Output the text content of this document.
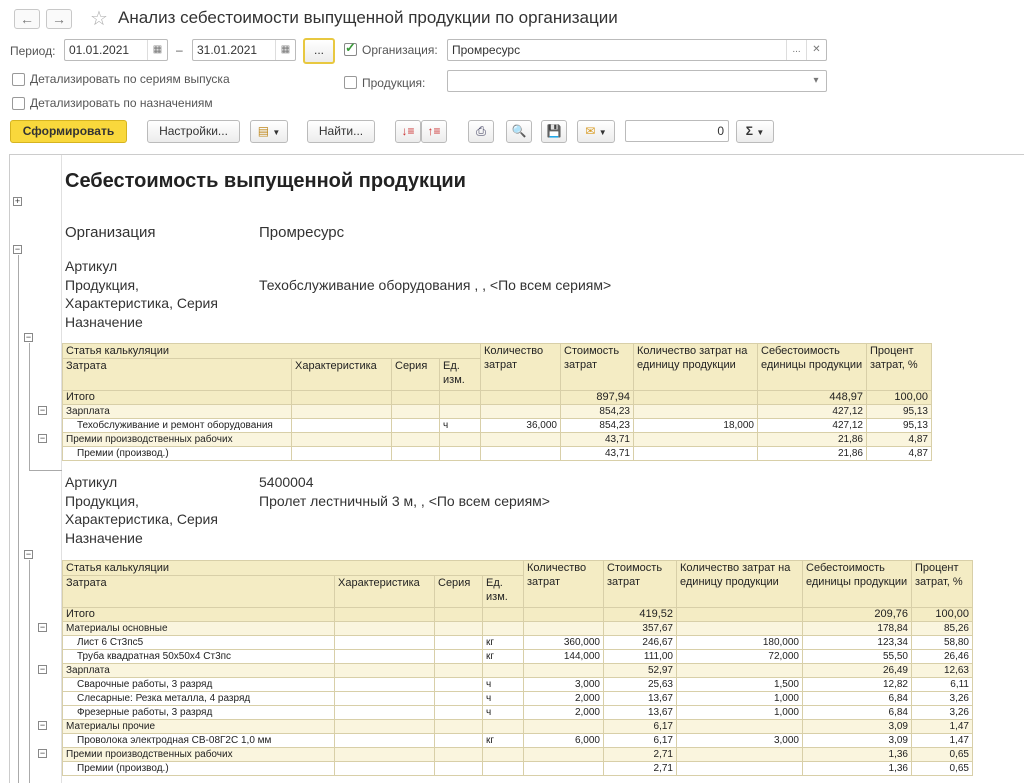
←	→	☆ Анализ себестоимости выпущенной продукции по организации
Период:	01.01.2021	▦	–	31.01.2021	▦	...	✓ Организация:	Промресурс	...	✕
Детализировать по сериям выпуска	Продукция:	▾
Детализировать по назначениям
Сформировать	Настройки...	▤ ▼	Найти...	↓≡	↑≡	⎙	🔍	💾	✉ ▼	0	Σ ▼
+
−
−
−
Себестоимость выпущенной продукции
Организация	Промресурс
Артикул
Продукция,	Техобслуживание оборудования , , <По всем сериям>
Характеристика, Серия
Назначение
Статья калькуляции				Количество затрат	Стоимость затрат	Количество затрат на единицу продукции	Себестоимость единицы продукции	Процент затрат, %
Затрата	Характеристика	Серия	Ед. изм.					
Итого					897,94		448,97	100,00
Зарплата					854,23		427,12	95,13
Техобслуживание и ремонт оборудования			ч	36,000	854,23	18,000	427,12	95,13
Премии производственных рабочих					43,71		21,86	4,87
Премии (производ.)					43,71		21,86	4,87
Артикул	5400004
Продукция,	Пролет лестничный 3 м, , <По всем сериям>
Характеристика, Серия
Назначение
Статья калькуляции				Количество затрат	Стоимость затрат	Количество затрат на единицу продукции	Себестоимость единицы продукции	Процент затрат, %
Затрата	Характеристика	Серия	Ед. изм.					
Итого					419,52		209,76	100,00
Материалы основные					357,67		178,84	85,26
Лист 6 Ст3пс5			кг	360,000	246,67	180,000	123,34	58,80
Труба квадратная 50x50x4 Ст3пс			кг	144,000	111,00	72,000	55,50	26,46
Зарплата					52,97		26,49	12,63
Сварочные работы, 3 разряд			ч	3,000	25,63	1,500	12,82	6,11
Слесарные: Резка металла, 4 разряд			ч	2,000	13,67	1,000	6,84	3,26
Фрезерные работы, 3 разряд			ч	2,000	13,67	1,000	6,84	3,26
Материалы прочие					6,17		3,09	1,47
Проволока электродная СВ-08Г2С 1,0 мм			кг	6,000	6,17	3,000	3,09	1,47
Премии производственных рабочих					2,71		1,36	0,65
Премии (производ.)					2,71		1,36	0,65
−
−
−
−
−
−
